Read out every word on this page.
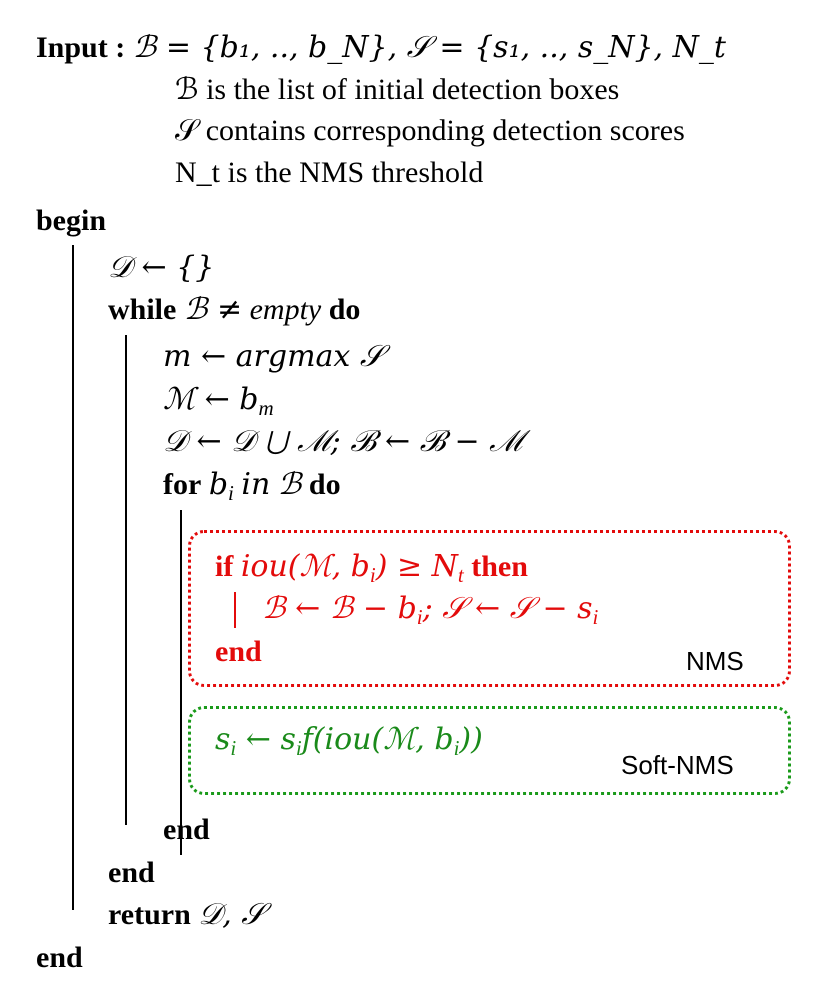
Input : ℬ = {b₁, .., b_N}, 𝒮 = {s₁, .., s_N}, N_t
ℬ is the list of initial detection boxes
𝒮 contains corresponding detection scores
N_t is the NMS threshold
begin
𝒟 ← {}
while ℬ ≠ empty do
m ← argmax 𝒮
ℳ ← $b_m$
𝒟 ← 𝒟 ⋃ ℳ; ℬ ← ℬ − ℳ
for $b_i$ in ℬ do
if iou(ℳ, $b_i) \ge N_t$ then
ℬ ← ℬ − $b_i$; 𝒮 ← 𝒮 − $s_i$
end	NMS
$s_i$ ← $s_if(iou(ℳ$, $b_i$))
Soft-NMS
end
end
return 𝒟, 𝒮
end
